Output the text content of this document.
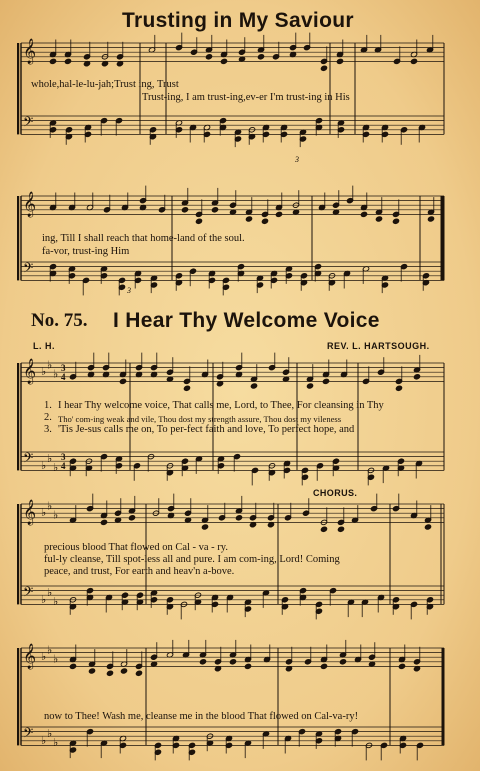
𝄞
𝄢
𝄞
𝄢
𝄞 ♭
♭
♭ 3
4
𝄢 ♭
♭
♭
3
4
𝄞 ♭
♭
♭
𝄢 ♭
♭
♭
𝄞 ♭
♭
♭
𝄢 ♭
♭
♭
Trusting in My Saviour
whole,hal-le-lu-jah;Trust ing, Trust
Trust-ing, I am trust-ing,ev-er I'm trust-ing in His
ing, Till I shall reach that home-land of the soul.
fa-vor, trust-ing Him
3
3
No. 75. I Hear Thy Welcome Voice
L. H.	REV. L. HARTSOUGH.
1. I hear Thy welcome voice, That calls me, Lord, to Thee, For cleansing in Thy
2. Tho' com-ing weak and vile, Thou dost my strength assure, Thou dost my vileness
3. 'Tis Je-sus calls me on, To per-fect faith and love, To perfect hope, and
CHORUS.
precious blood That flowed on Cal - va - ry.
ful-ly cleanse, Till spot-less all and pure. I am com-ing, Lord! Coming
peace, and trust, For earth and heav'n a-bove.
now to Thee! Wash me, cleanse me in the blood That flowed on Cal-va-ry!
